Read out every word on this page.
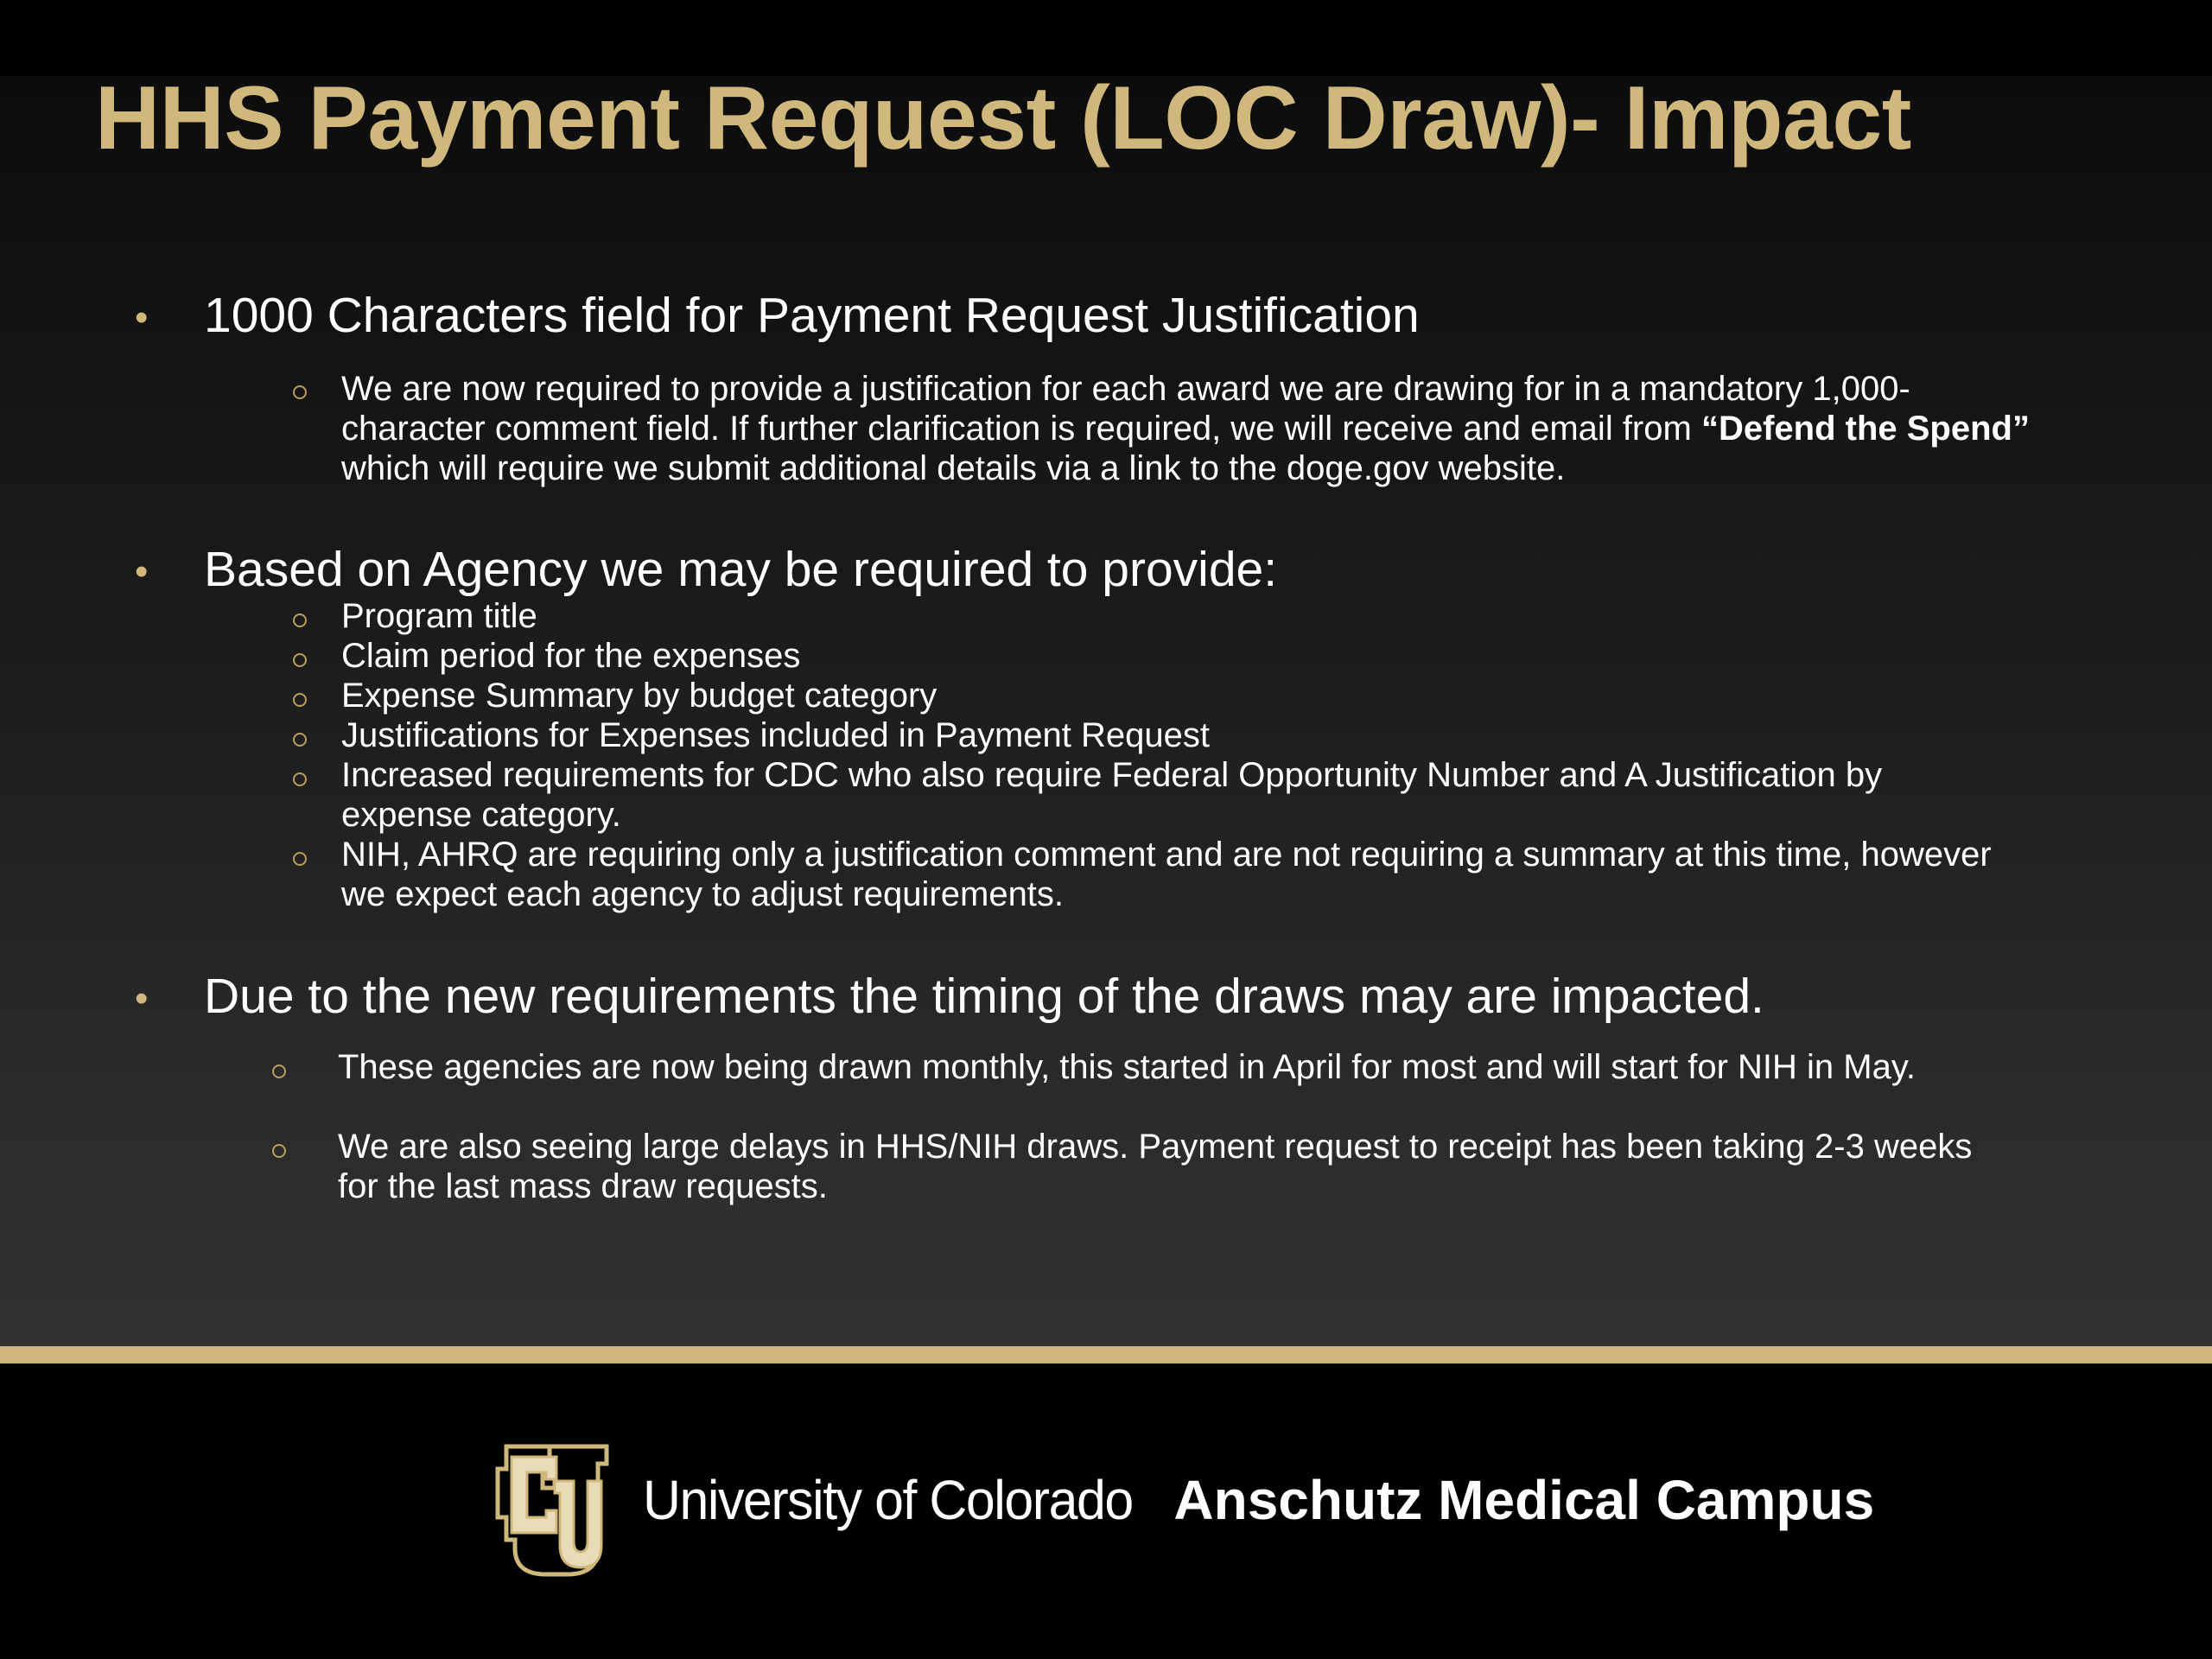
HHS Payment Request (LOC Draw)- Impact
• 1000 Characters field for Payment Request Justification
We are now required to provide a justification for each award we are drawing for in a mandatory 1,000-character comment field. If further clarification is required, we will receive and email from “Defend the Spend” which will require we submit additional details via a link to the doge.gov website.
• Based on Agency we may be required to provide:
Program title
Claim period for the expenses
Expense Summary by budget category
Justifications for Expenses included in Payment Request
Increased requirements for CDC who also require Federal Opportunity Number and A Justification by expense category.
NIH, AHRQ are requiring only a justification comment and are not requiring a summary at this time, however we expect each agency to adjust requirements.
• Due to the new requirements the timing of the draws may are impacted.
These agencies are now being drawn monthly, this started in April for most and will start for NIH in May.
We are also seeing large delays in HHS/NIH draws. Payment request to receipt has been taking 2-3 weeks for the last mass draw requests.
University of Colorado Anschutz Medical Campus
